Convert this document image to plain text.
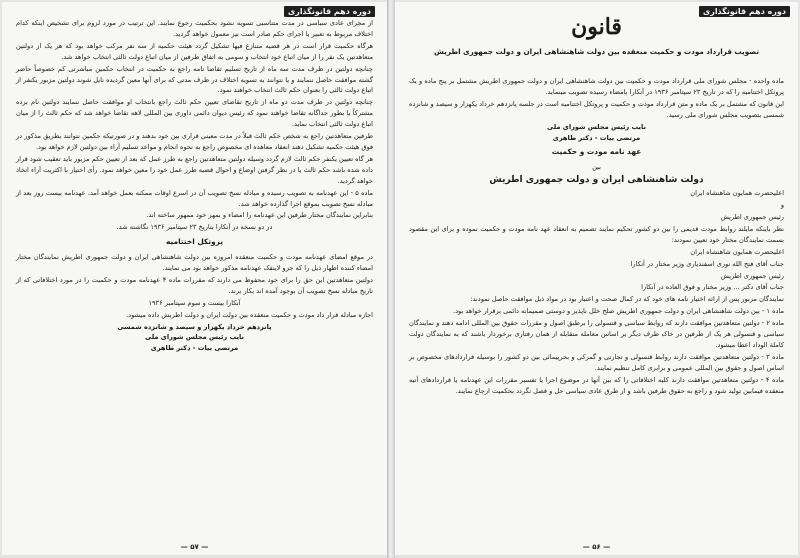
دوره دهم قانونگذاری

از مجرای عادی سیاسی در مدت متناسبی تسویه نشود بحکمیت رجوع نمایند. این ترتیب در مورد لزوم برای تشخیص اینکه کدام اختلاف مربوط به تعبیر یا اجرای حکم صادر است نیز معمول خواهد گردید.

هرگاه حکمیت قرار است در هر قضیه متنازع فیها تشکیل گردد هیئت حکمیه از سه نفر مرکب خواهد بود که هر یک از دولتین متعاهدتین یک نفر را از میان اتباع خود انتخاب و سومی به اتفاق طرفین از میان اتباع دولت ثالثی انتخاب خواهد شد.

چنانچه دولتین در ظرف مدت سه ماه از تاریخ تسلیم تقاضا نامه راجع به حکمیت در انتخاب حکمین مباشرتی کم خصوصاً حاضر گشته موافقت حاصل ننمایند و یا نتوانند به تسویه اختلاف در ظرف مدتی که برای آنها معین گردیده نایل شوند دولتین مزبور یکنفر از اتباع دولت ثالثی را بعنوان حکم ثالث انتخاب خواهند نمود.

چنانچه دولتین در ظرف مدت دو ماه از تاریخ تقاضای تعیین حکم ثالث راجع بانتخاب او موافقت حاصل ننمایند دولتین نام برده مشترکاً یا بطور جداگانه تقاضا خواهند نمود که رئیس دیوان دائمی داوری بین المللی لاهه تقاضا خواهد شد که حکم ثالث را از میان اتباع دولت ثالثی انتخاب نماید.

طرفین متعاهدتین راجع به شخص حکم ثالث قبلاً در مدت معینی قراری بین خود بدهند و در صورتیکه حکمین نتوانند بطریق مذکور در فوق هیئت حکمیه تشکیل دهند انعقاد معاهده ای مخصوص راجع به نحوه انجام و مواعد تسلیم آراء بین دولتین لازم خواهد بود.

هر گاه تعیین یکنفر حکم ثالث لازم گردد وسیله دولتین متعاهدتین راجع به طرز عمل که بعد از تعیین حکم مزبور باید تعقیب شود قرار داده شده باشد حکم ثالث با در نظر گرفتن اوضاع و احوال قضیه طرز عمل خود را معین خواهد نمود. رأی اختیار با اکثریت آراء اتخاذ خواهد گردید.

ماده ۵ - این عهدنامه به تصویب رسیده و مبادله نسخ تصویب آن در اسرع اوقات ممکنه بعمل خواهد آمد. عهدنامه بیست روز بعد از مبادله نسخ تصویب بموقع اجرا گذارده خواهد شد.

بنابراین نمایندگان مختار طرفین این عهدنامه را امضاء و بمهر خود ممهور ساخته اند.

در دو نسخه در آنکارا بتاریخ ۲۳ سپتامبر ۱۹۳۶ نگاشته شد.

پروتکل اختتامیه

در موقع امضای عهدنامه مودت و حکمیت منعقده امروزه بین دولت شاهنشاهی ایران و دولت جمهوری اطریش نمایندگان مختار امضاء کننده اظهار ذیل را که جزو لاینفک عهدنامه مذکور خواهد بود می نمایند.

دولتین متعاهدتین این حق را برای خود محفوظ می دارند که مقررات ماده ۴ عهدنامه مودت و حکمیت را در مورد اختلافاتی که از تاریخ مبادله نسخ تصویب آن بوجود آمده اند بکار برند.

آنکارا بیست و سوم سپتامبر ۱۹۳۶

اجازه مبادله قرار داد مودت و حکمیت منعقده بین دولت ایران و دولت اطریش داده میشود.

پانزدهم خرداد یکهزار و سیصد و شانزده شمسی
نایب رئیس مجلس شورای ملی
مرتضی بیات - دکتر طاهری
— ۵۷ —
دوره دهم قانونگذاری
قانون
تصویب قرارداد مودت و حکمیت منعقده بین دولت شاهنشاهی ایران و دولت جمهوری اطریش

ماده واحده - مجلس شورای ملی قرارداد مودت و حکمیت بین دولت شاهنشاهی ایران و دولت جمهوری اطریش مشتمل بر پنج ماده و یک پروتکل اختتامیه را که در تاریخ ۲۳ سپتامبر ۱۹۳۶ در آنکارا بامضاء رسیده تصویب مینماید.

این قانون که مشتمل بر یک ماده و متن قرارداد مودت و حکمیت و پروتکل اختتامیه است در جلسه پانزدهم خرداد یکهزار و سیصد و شانزده شمسی بتصویب مجلس شورای ملی رسید.

نایب رئیس مجلس شورای ملی
مرتضی بیات - دکتر طاهری
عهد نامه مودت و حکمیت
بین
دولت شاهنشاهی ایران و دولت جمهوری اطریش

اعلیحضرت همایون شاهنشاه ایران

و

رئیس جمهوری اطریش

نظر باینکه مایلند روابط مودت قدیمی را بین دو کشور تحکیم نمایند تصمیم به انعقاد عهد نامه مودت و حکمیت نموده و برای این مقصود بسمت نمایندگان مختار خود تعیین نمودند:

اعلیحضرت همایون شاهنشاه ایران

جناب آقای فتح الله نوری اسفندیاری وزیر مختار در آنکارا

رئیس جمهوری اطریش

جناب آقای دکتر ... وزیر مختار و فوق العاده در آنکارا

نمایندگان مزبور پس از ارائه اختیار نامه های خود که در کمال صحت و اعتبار بود در مواد ذیل موافقت حاصل نمودند:

ماده ۱ - بین دولت شاهنشاهی ایران و دولت جمهوری اطریش صلح خلل ناپذیر و دوستی صمیمانه دائمی برقرار خواهد بود.

ماده ۲ - دولتین متعاهدتین موافقت دارند که روابط سیاسی و قنسولی را برطبق اصول و مقررات حقوق بین المللی ادامه دهند و نمایندگان سیاسی و قنسولی هر یک از طرفین در خاک طرف دیگر بر اساس معامله متقابله از همان رفتاری برخوردار باشند که به نمایندگان دولت کاملة الوداد اعطا میشود.

ماده ۳ - دولتین متعاهدتین موافقت دارند روابط قنسولی و تجارتی و گمرکی و بحرپیمائی بین دو کشور را بوسیله قراردادهای مخصوص بر اساس اصول و حقوق بین المللی عمومی و برابری کامل تنظیم نمایند.

ماده ۴ - دولتین متعاهدتین موافقت دارند کلیه اختلافاتی را که بین آنها در موضوع اجرا یا تفسیر مقررات این عهدنامه یا قراردادهای آتیه منعقده فیمابین تولید شود و راجع به حقوق طرفین باشد و از طرق عادی سیاسی حل و فصل نگردد بحکمیت ارجاع نمایند.

— ۵۶ —
